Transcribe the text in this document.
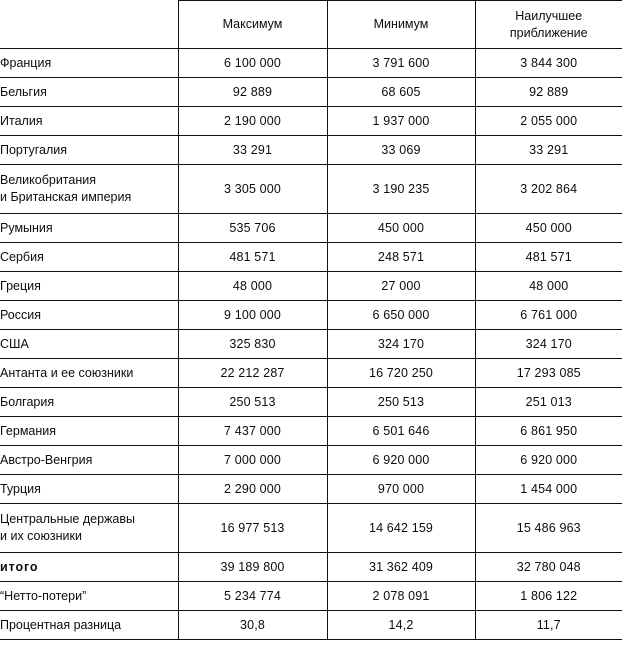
	Максимум	Минимум	Наилучшее
приближение

Франция	6 100 000	3 791 600	3 844 300

Бельгия	92 889	68 605	92 889

Италия	2 190 000	1 937 000	2 055 000

Португалия	33 291	33 069	33 291

Великобритания
и Британская империя	3 305 000	3 190 235	3 202 864

Румыния	535 706	450 000	450 000

Сербия	481 571	248 571	481 571

Греция	48 000	27 000	48 000

Россия	9 100 000	6 650 000	6 761 000

США	325 830	324 170	324 170

Антанта и ее союзники	22 212 287	16 720 250	17 293 085

Болгария	250 513	250 513	251 013

Германия	7 437 000	6 501 646	6 861 950

Австро-Венгрия	7 000 000	6 920 000	6 920 000

Турция	2 290 000	970 000	1 454 000

Центральные державы
и их союзники	16 977 513	14 642 159	15 486 963

итого	39 189 800	31 362 409	32 780 048

“Нетто-потери”	5 234 774	2 078 091	1 806 122

Процентная разница	30,8	14,2	11,7
